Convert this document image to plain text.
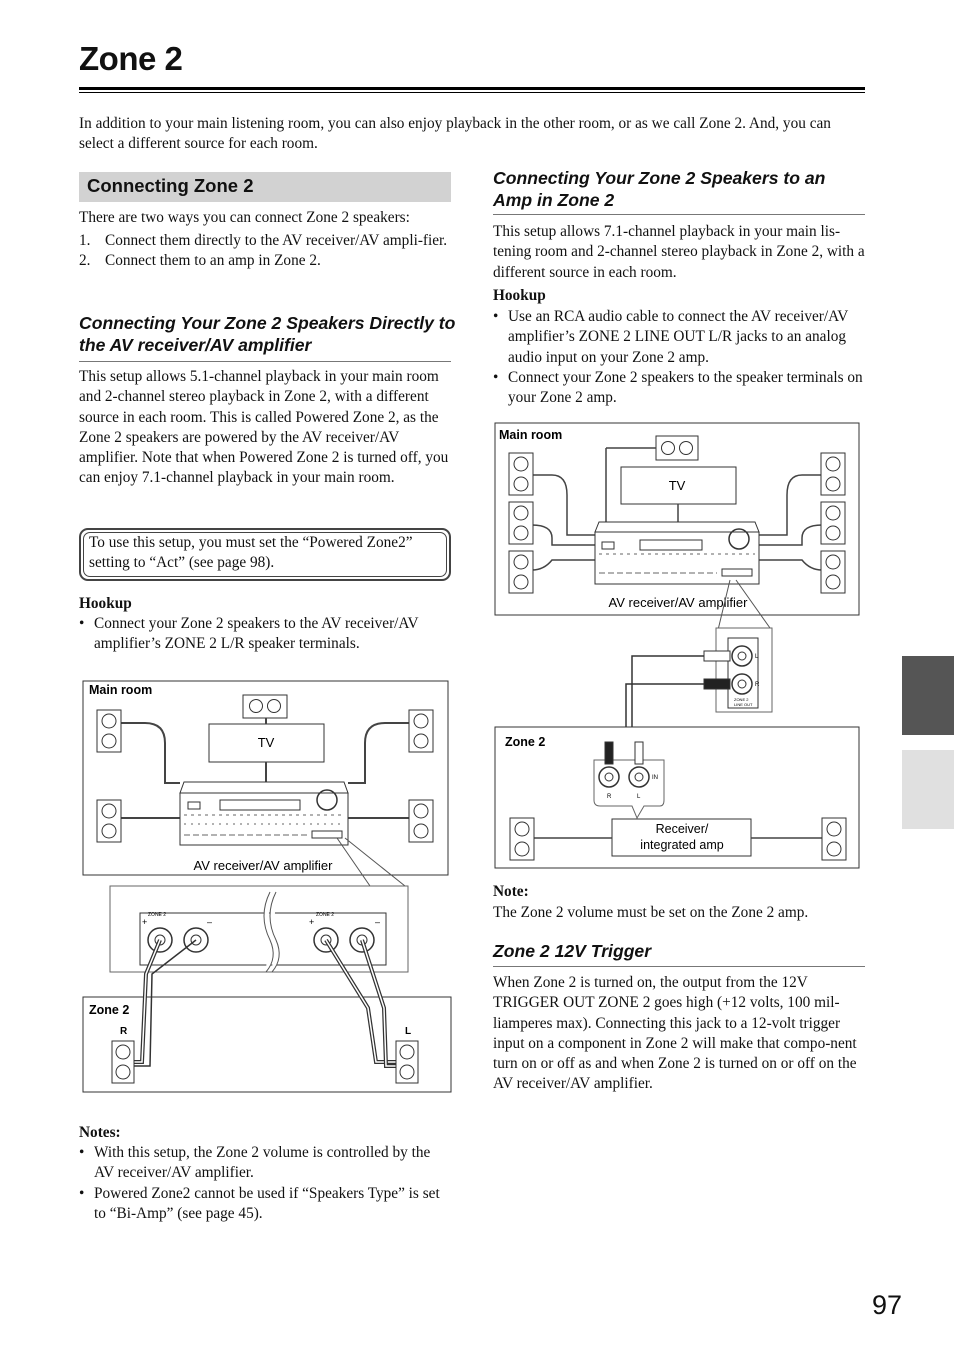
Zone 2
In addition to your main listening room, you can also enjoy playback in the other room, or as we call Zone 2. And, you can select a different source for each room.
Connecting Zone 2
There are two ways you can connect Zone 2 speakers:
1. Connect them directly to the AV receiver/AV ampli-fier.
2. Connect them to an amp in Zone 2.
Connecting Your Zone 2 Speakers Directly to the AV receiver/AV amplifier
This setup allows 5.1-channel playback in your main room and 2-channel stereo playback in Zone 2, with a different source in each room. This is called Powered Zone 2, as the Zone 2 speakers are powered by the AV receiver/AV amplifier. Note that when Powered Zone 2 is turned off, you can enjoy 7.1-channel playback in your main room.
To use this setup, you must set the “Powered Zone2” setting to “Act” (see page 98).
Hookup
• Connect your Zone 2 speakers to the AV receiver/AV amplifier’s ZONE 2 L/R speaker terminals.
Main room
TV
AV receiver/AV amplifier
ZONE 2	ZONE 2
+	–	+	–
Zone 2
R	L
Notes:
• With this setup, the Zone 2 volume is controlled by the AV receiver/AV amplifier.
• Powered Zone2 cannot be used if “Speakers Type” is set to “Bi-Amp” (see page 45).
Connecting Your Zone 2 Speakers to an Amp in Zone 2
This setup allows 7.1-channel playback in your main lis-tening room and 2-channel stereo playback in Zone 2, with a different source in each room.
Hookup
• Use an RCA audio cable to connect the AV receiver/AV amplifier’s ZONE 2 LINE OUT L/R jacks to an analog audio input on your Zone 2 amp.
• Connect your Zone 2 speakers to the speaker terminals on your Zone 2 amp.
Main room
TV
AV receiver/AV amplifier
L
R
ZONE 2
LINE OUT
Zone 2
IN
R	L
Receiver/
integrated amp
Note:
The Zone 2 volume must be set on the Zone 2 amp.
Zone 2 12V Trigger
When Zone 2 is turned on, the output from the 12V TRIGGER OUT ZONE 2 goes high (+12 volts, 100 mil-liamperes max). Connecting this jack to a 12-volt trigger input on a component in Zone 2 will make that compo-nent turn on or off as and when Zone 2 is turned on or off on the AV receiver/AV amplifier.
97
